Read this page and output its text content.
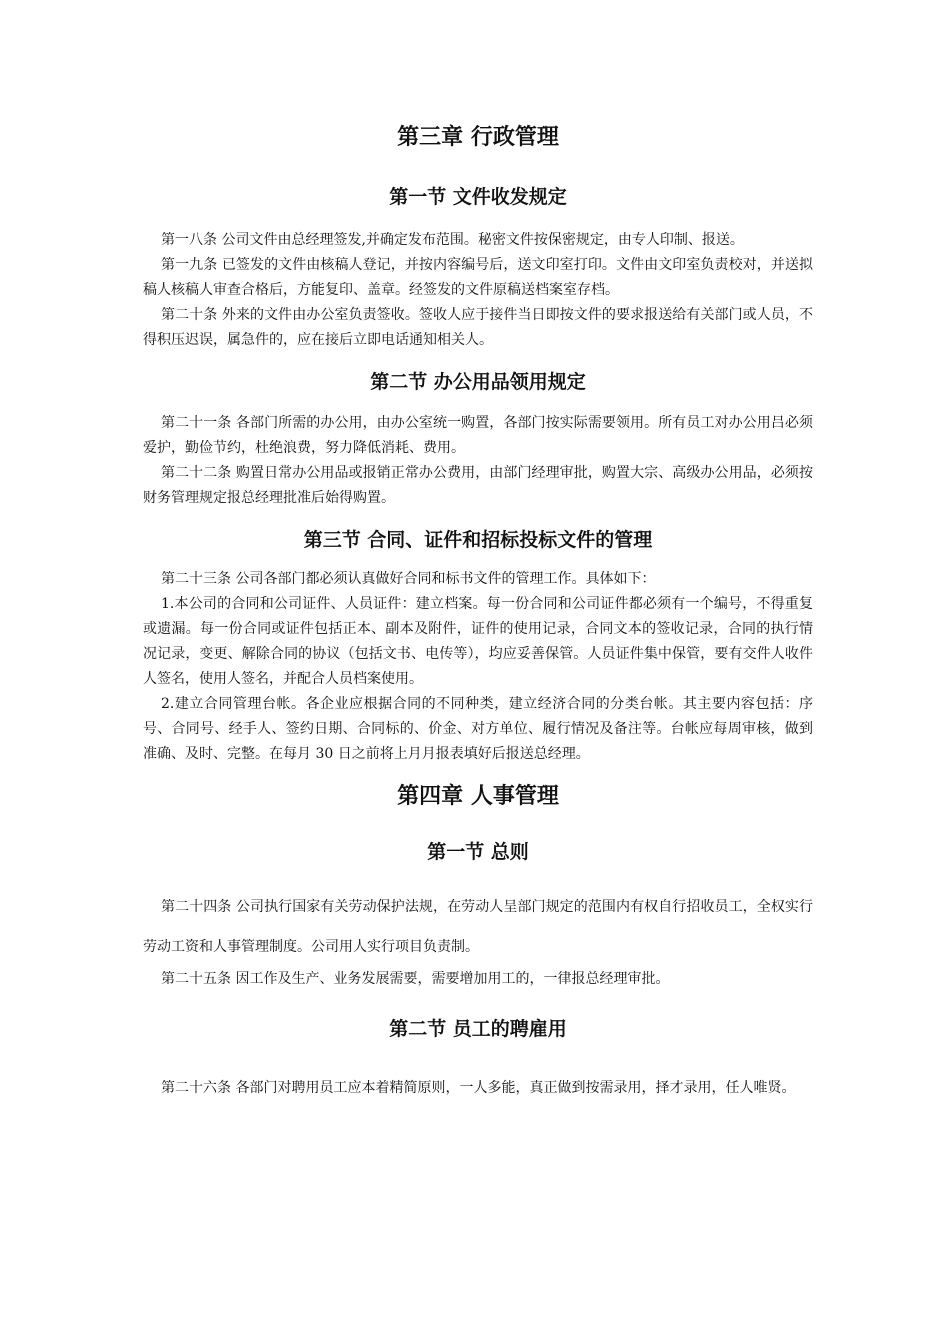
第三章 行政管理
第一节 文件收发规定

第一八条 公司文件由总经理签发,并确定发布范围。秘密文件按保密规定，由专人印制、报送。

第一九条 已签发的文件由核稿人登记，并按内容编号后，送文印室打印。文件由文印室负责校对，并送拟稿人核稿人审查合格后，方能复印、盖章。经签发的文件原稿送档案室存档。

第二十条 外来的文件由办公室负责签收。签收人应于接件当日即按文件的要求报送给有关部门或人员，不得积压迟误，属急件的，应在接后立即电话通知相关人。

第二节 办公用品领用规定

第二十一条 各部门所需的办公用，由办公室统一购置，各部门按实际需要领用。所有员工对办公用吕必须爱护，勤俭节约，杜绝浪费，努力降低消耗、费用。

第二十二条 购置日常办公用品或报销正常办公费用，由部门经理审批，购置大宗、高级办公用品，必须按财务管理规定报总经理批准后始得购置。

第三节 合同、证件和招标投标文件的管理

第二十三条 公司各部门都必须认真做好合同和标书文件的管理工作。具体如下：

1.本公司的合同和公司证件、人员证件：建立档案。每一份合同和公司证件都必须有一个编号，不得重复或遗漏。每一份合同或证件包括正本、副本及附件，证件的使用记录，合同文本的签收记录，合同的执行情况记录，变更、解除合同的协议（包括文书、电传等），均应妥善保管。人员证件集中保管，要有交件人收件人签名，使用人签名，并配合人员档案使用。

2.建立合同管理台帐。各企业应根据合同的不同种类，建立经济合同的分类台帐。其主要内容包括：序号、合同号、经手人、签约日期、合同标的、价金、对方单位、履行情况及备注等。台帐应每周审核，做到准确、及时、完整。在每月 30 日之前将上月月报表填好后报送总经理。

第四章 人事管理
第一节 总则

第二十四条 公司执行国家有关劳动保护法规，在劳动人呈部门规定的范围内有权自行招收员工，全权实行劳动工资和人事管理制度。公司用人实行项目负责制。

第二十五条 因工作及生产、业务发展需要，需要增加用工的，一律报总经理审批。

第二节 员工的聘雇用

第二十六条 各部门对聘用员工应本着精简原则，一人多能，真正做到按需录用，择才录用，任人唯贤。
